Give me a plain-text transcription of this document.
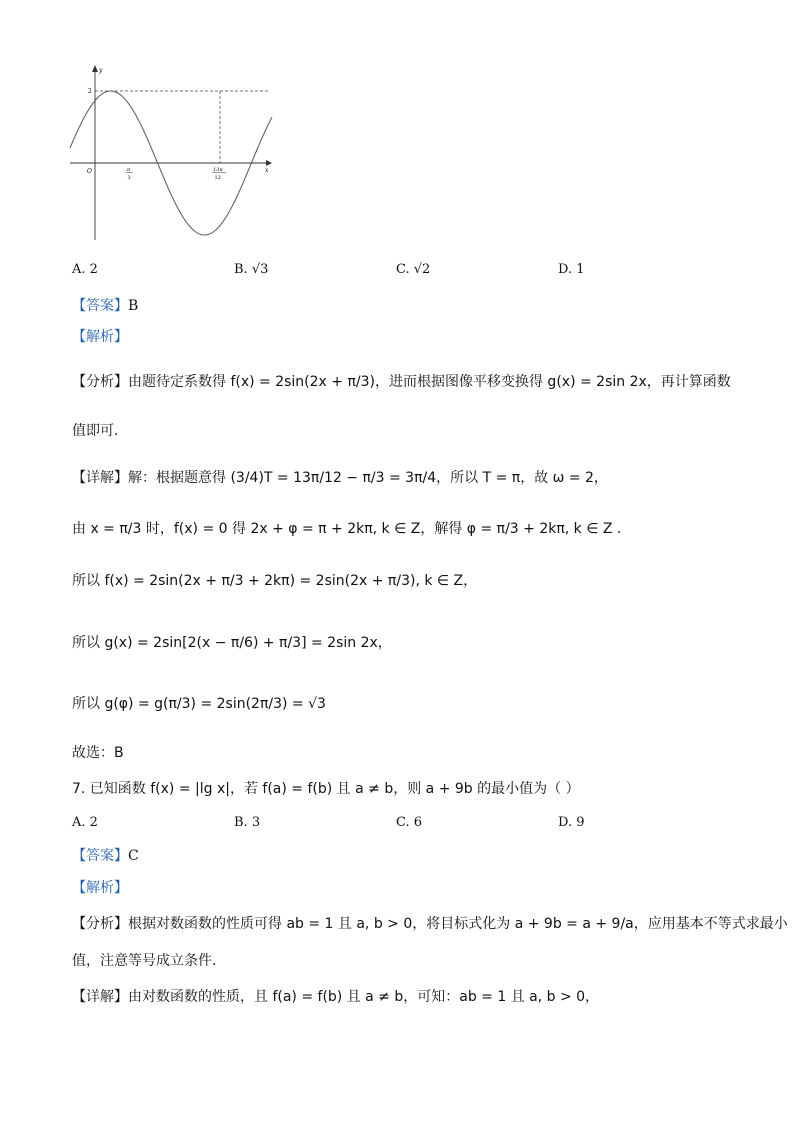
y
x
O
2
π
3
13π
12
A. 2	B. √3	C. √2	D. 1
【答案】B
【解析】
【分析】由题待定系数得 f(x) = 2sin(2x + π/3)，进而根据图像平移变换得 g(x) = 2sin 2x，再计算函数
值即可.
【详解】解：根据题意得 (3/4)T = 13π/12 − π/3 = 3π/4，所以 T = π，故 ω = 2，
由 x = π/3 时，f(x) = 0 得 2x + φ = π + 2kπ, k ∈ Z，解得 φ = π/3 + 2kπ, k ∈ Z .
所以 f(x) = 2sin(2x + π/3 + 2kπ) = 2sin(2x + π/3), k ∈ Z，
所以 g(x) = 2sin[2(x − π/6) + π/3] = 2sin 2x，
所以 g(φ) = g(π/3) = 2sin(2π/3) = √3
故选：B
7. 已知函数 f(x) = |lg x|，若 f(a) = f(b) 且 a ≠ b，则 a + 9b 的最小值为（ ）
A. 2	B. 3	C. 6	D. 9
【答案】C
【解析】
【分析】根据对数函数的性质可得 ab = 1 且 a, b > 0，将目标式化为 a + 9b = a + 9/a，应用基本不等式求最小
值，注意等号成立条件.
【详解】由对数函数的性质，且 f(a) = f(b) 且 a ≠ b，可知：ab = 1 且 a, b > 0，
